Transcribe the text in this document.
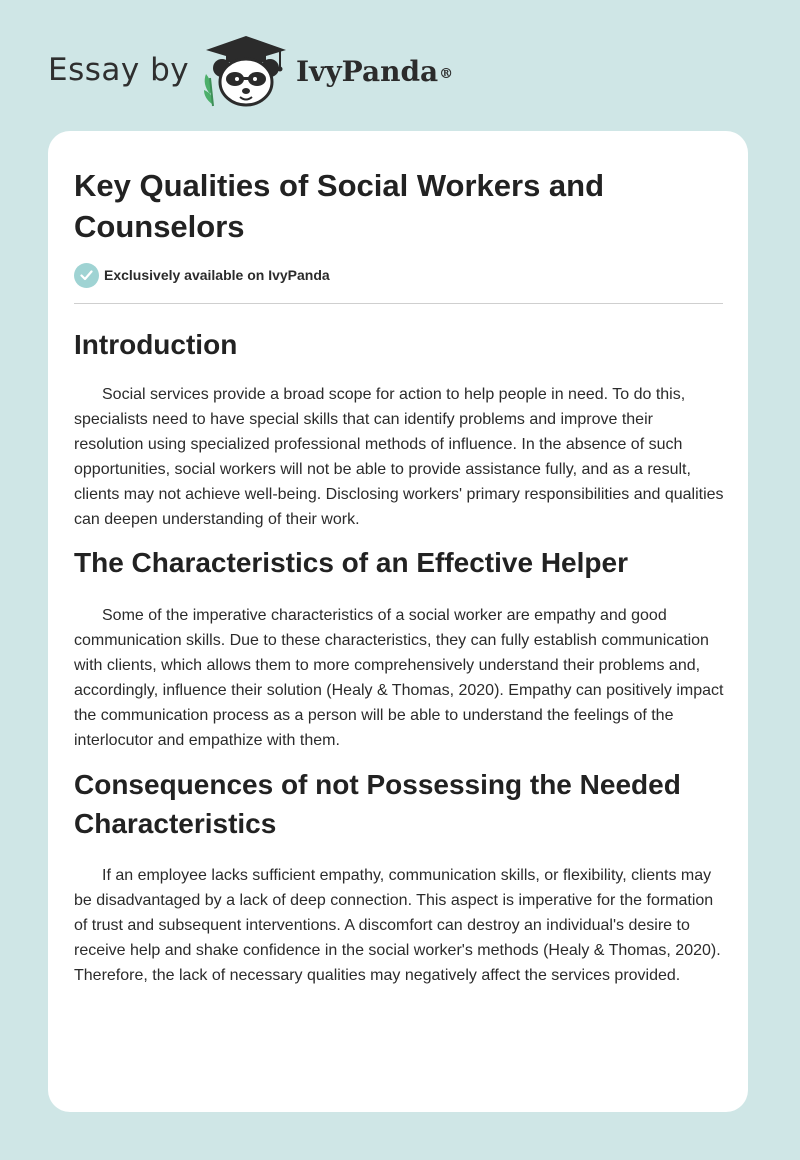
Essay by	IvyPanda®
Key Qualities of Social Workers and Counselors
Exclusively available on IvyPanda
Introduction

Social services provide a broad scope for action to help people in need. To do this, specialists need to have special skills that can identify problems and improve their resolution using specialized professional methods of influence. In the absence of such opportunities, social workers will not be able to provide assistance fully, and as a result, clients may not achieve well-being. Disclosing workers' primary responsibilities and qualities can deepen understanding of their work.

The Characteristics of an Effective Helper

Some of the imperative characteristics of a social worker are empathy and good communication skills. Due to these characteristics, they can fully establish communication with clients, which allows them to more comprehensively understand their problems and, accordingly, influence their solution (Healy & Thomas, 2020). Empathy can positively impact the communication process as a person will be able to understand the feelings of the interlocutor and empathize with them.

Consequences of not Possessing the Needed Characteristics

If an employee lacks sufficient empathy, communication skills, or flexibility, clients may be disadvantaged by a lack of deep connection. This aspect is imperative for the formation of trust and subsequent interventions. A discomfort can destroy an individual's desire to receive help and shake confidence in the social worker's methods (Healy & Thomas, 2020). Therefore, the lack of necessary qualities may negatively affect the services provided.
